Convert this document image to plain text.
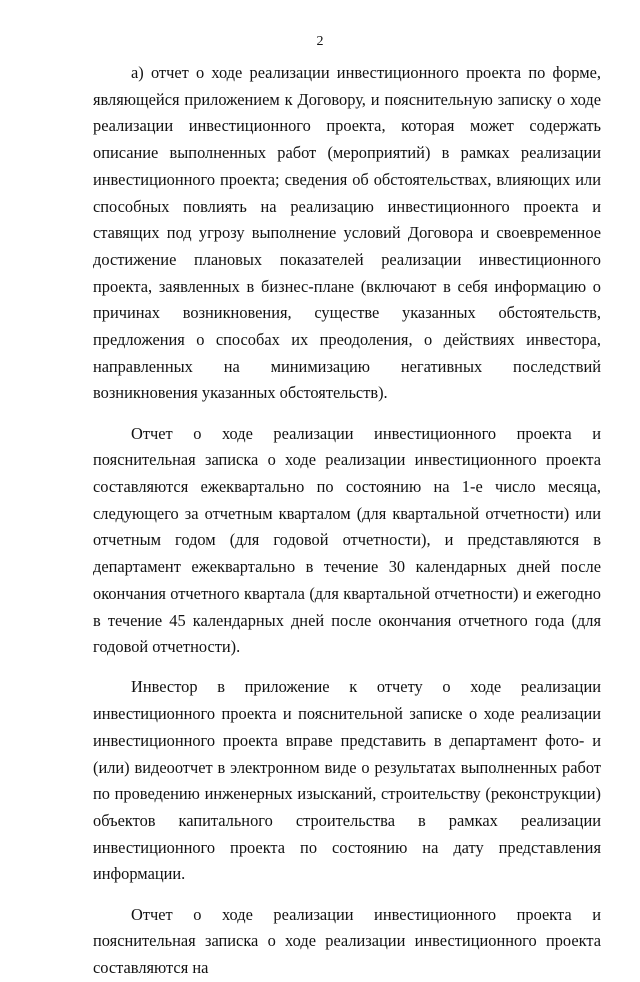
2

а) отчет о ходе реализации инвестиционного проекта по форме, являющейся приложением к Договору, и пояснительную записку о ходе реализации инвестиционного проекта, которая может содержать описание выполненных работ (мероприятий) в рамках реализации инвестиционного проекта; сведения об обстоятельствах, влияющих или способных повлиять на реализацию инвестиционного проекта и ставящих под угрозу выполнение условий Договора и своевременное достижение плановых показателей реализации инвестиционного проекта, заявленных в бизнес-плане (включают в себя информацию о причинах возникновения, существе указанных обстоятельств, предложения о способах их преодоления, о действиях инвестора, направленных на минимизацию негативных последствий возникновения указанных обстоятельств).

Отчет о ходе реализации инвестиционного проекта и пояснительная записка о ходе реализации инвестиционного проекта составляются ежеквартально по состоянию на 1-е число месяца, следующего за отчетным кварталом (для квартальной отчетности) или отчетным годом (для годовой отчетности), и представляются в департамент ежеквартально в течение 30 календарных дней после окончания отчетного квартала (для квартальной отчетности) и ежегодно в течение 45 календарных дней после окончания отчетного года (для годовой отчетности).

Инвестор в приложение к отчету о ходе реализации инвестиционного проекта и пояснительной записке о ходе реализации инвестиционного проекта вправе представить в департамент фото- и (или) видеоотчет в электронном виде о результатах выполненных работ по проведению инженерных изысканий, строительству (реконструкции) объектов капитального строительства в рамках реализации инвестиционного проекта по состоянию на дату представления информации.

Отчет о ходе реализации инвестиционного проекта и пояснительная записка о ходе реализации инвестиционного проекта составляются на
